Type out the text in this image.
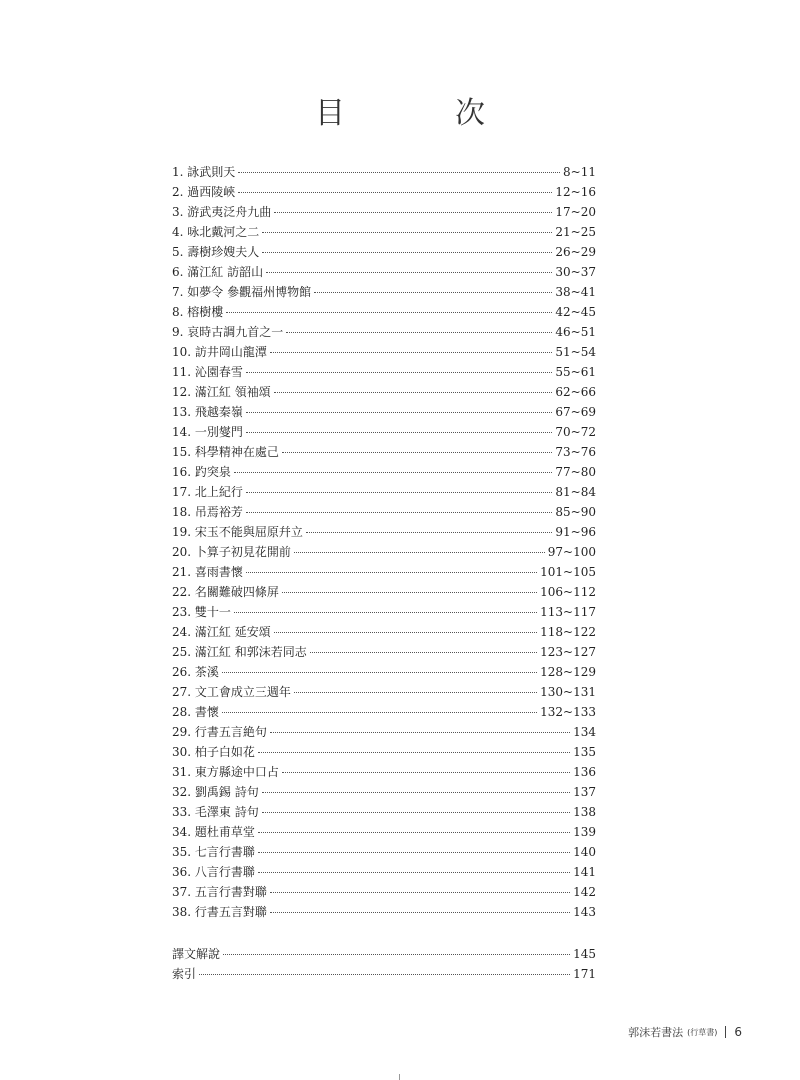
目　次
1. 詠武則天	8~11
2. 過西陵峽	12~16
3. 游武夷泛舟九曲	17~20
4. 咏北戴河之二	21~25
5. 壽樹珍嫂夫人	26~29
6. 滿江紅 訪韶山	30~37
7. 如夢令 參觀福州博物館	38~41
8. 榕樹樓	42~45
9. 哀時古調九首之一	46~51
10. 訪井岡山龍潭	51~54
11. 沁園春雪	55~61
12. 滿江紅 領袖頌	62~66
13. 飛越秦嶺	67~69
14. 一別燮門	70~72
15. 科學精神在處己	73~76
16. 趵突泉	77~80
17. 北上紀行	81~84
18. 吊焉裕芳	85~90
19. 宋玉不能與屈原幷立	91~96
20. 卜算子初見花開前	97~100
21. 喜雨書懷	101~105
22. 名關難破四條屏	106~112
23. 雙十一	113~117
24. 滿江紅 延安頌	118~122
25. 滿江紅 和郭沫若同志	123~127
26. 茶溪	128~129
27. 文工會成立三週年	130~131
28. 書懷	132~133
29. 行書五言絶句	134
30. 柏子白如花	135
31. 東方縣途中口占	136
32. 劉禹錫 詩句	137
33. 毛澤東 詩句	138
34. 題杜甫草堂	139
35. 七言行書聯	140
36. 八言行書聯	141
37. 五言行書對聯	142
38. 行書五言對聯	143
譯文解說	145
索引	171
郭沫若書法 (行草書) 6
